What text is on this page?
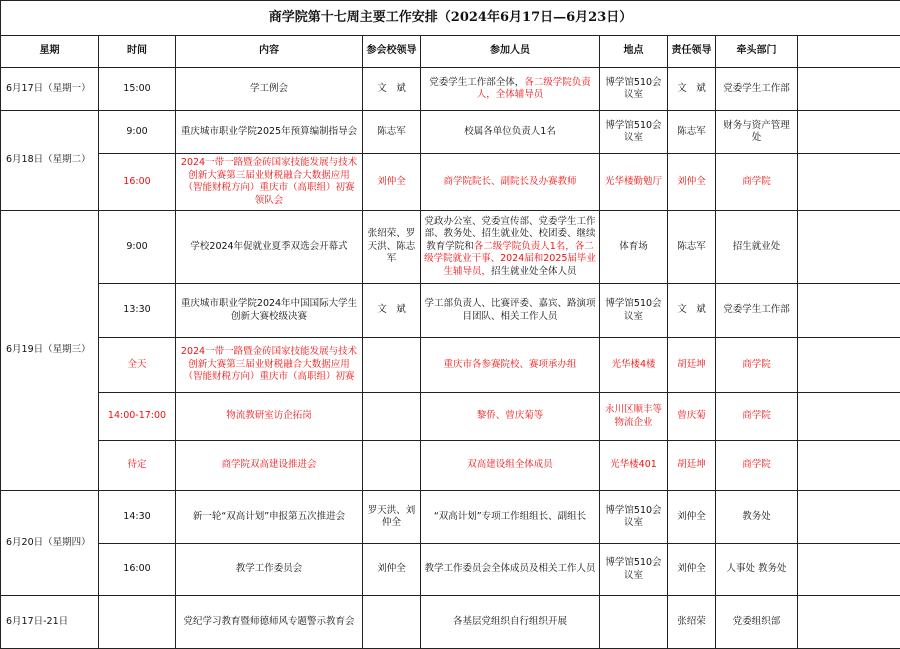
商学院第十七周主要工作安排（2024年6月17日—6月23日）								
星期	时间	内容	参会校领导	参加人员	地点	责任领导	牵头部门	
6月17日（星期一）	15:00	学工例会	文　斌	党委学生工作部全体，各二级学院负责人，全体辅导员	博学馆510会议室	文　斌	党委学生工作部	
6月18日（星期二）	9:00	重庆城市职业学院2025年预算编制指导会	陈志军	校属各单位负责人1名	博学馆510会议室	陈志军	财务与资产管理处	
	16:00	2024一带一路暨金砖国家技能发展与技术创新大赛第三届业财税融合大数据应用（智能财税方向）重庆市（高职组）初赛领队会	刘仲全	商学院院长、副院长及办赛教师	光华楼勤勉厅	刘仲全	商学院	
6月19日（星期三）	9:00	学校2024年促就业夏季双选会开幕式	张绍荣、罗天洪、陈志军	党政办公室、党委宣传部、党委学生工作部、教务处、招生就业处、校团委、继续教育学院和各二级学院负责人1名，各二级学院就业干事、2024届和2025届毕业生辅导员，招生就业处全体人员	体育场	陈志军	招生就业处	
	13:30	重庆城市职业学院2024年中国国际大学生创新大赛校级决赛	文　斌	学工部负责人、比赛评委、嘉宾、路演项目团队、相关工作人员	博学馆510会议室	文　斌	党委学生工作部	
	全天	2024一带一路暨金砖国家技能发展与技术创新大赛第三届业财税融合大数据应用（智能财税方向）重庆市（高职组）初赛		重庆市各参赛院校、赛项承办组	光华楼4楼	胡廷坤	商学院	
	14:00-17:00	物流教研室访企拓岗		黎侨、曾庆菊等	永川区顺丰等物流企业	曾庆菊	商学院	
	待定	商学院双高建设推进会		双高建设组全体成员	光华楼401	胡廷坤	商学院	
6月20日（星期四）	14:30	新一轮“双高计划”申报第五次推进会	罗天洪、刘仲全	“双高计划”专项工作组组长、副组长	博学馆510会议室	刘仲全	教务处	
	16:00	教学工作委员会	刘仲全	教学工作委员会全体成员及相关工作人员	博学馆510会议室	刘仲全	人事处 教务处	
6月17日-21日		党纪学习教育暨师德师风专题警示教育会		各基层党组织自行组织开展		张绍荣	党委组织部	
